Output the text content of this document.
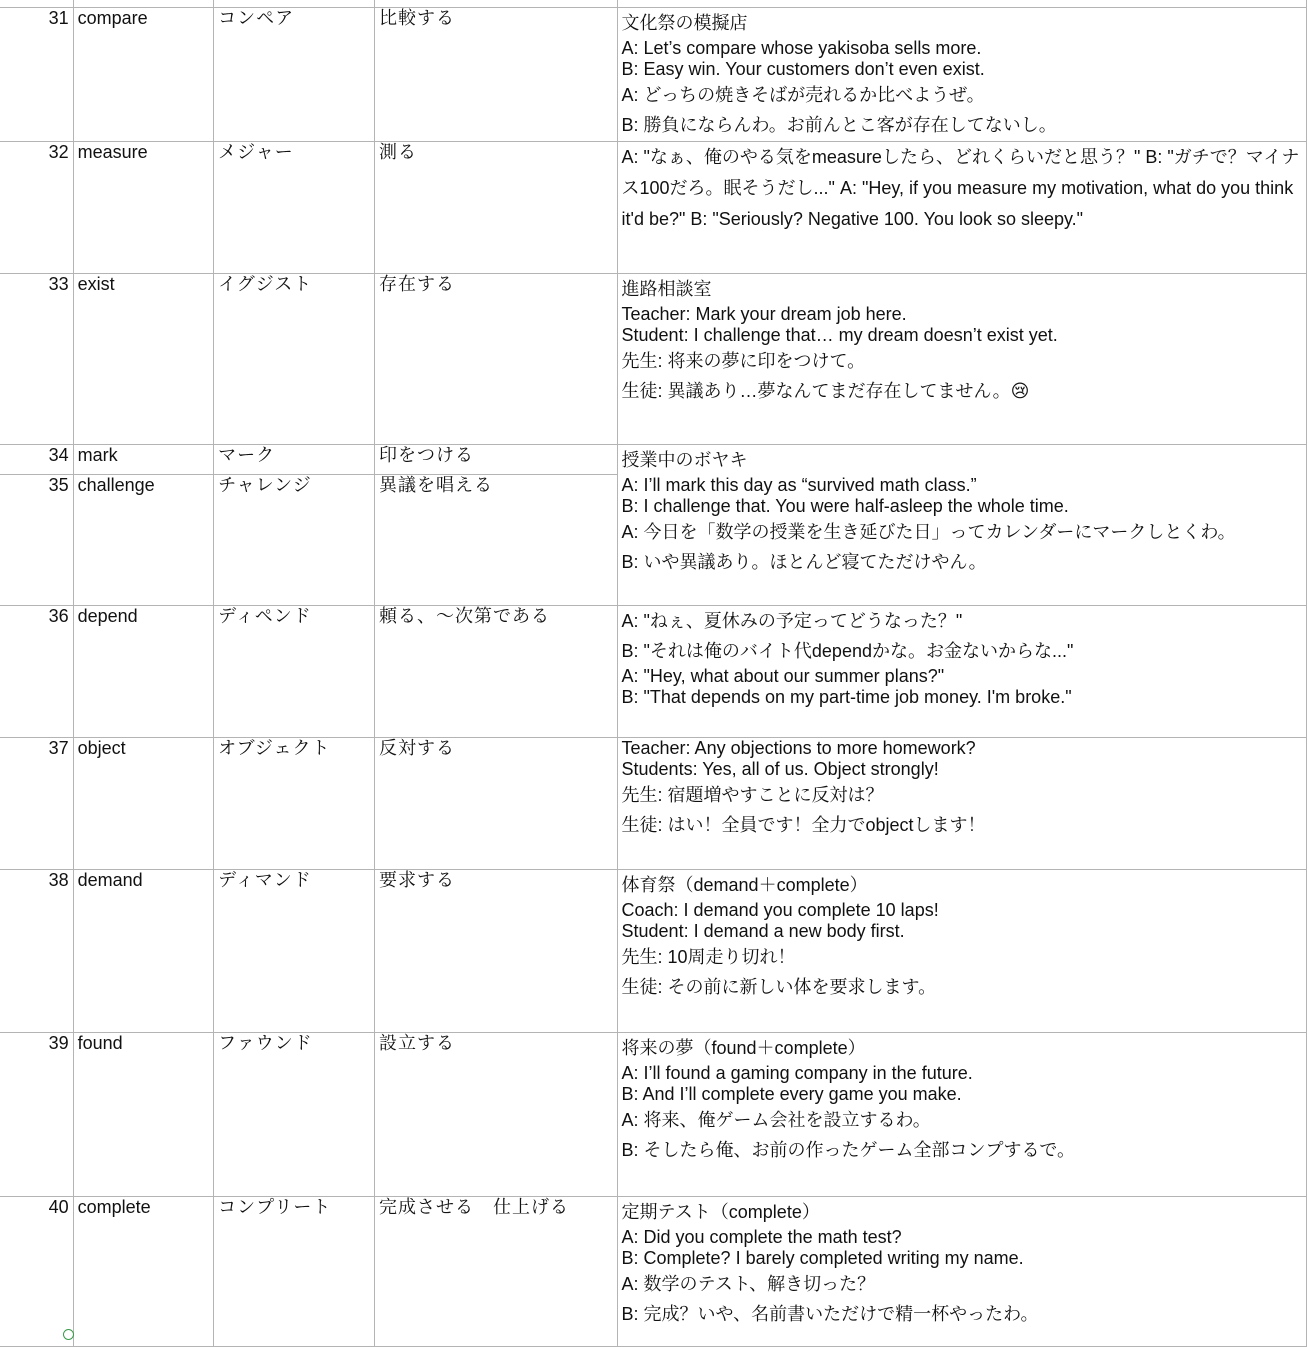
31	compare	コンペア	比較する	文化祭の模擬店
A: Let’s compare whose yakisoba sells more.
B: Easy win. Your customers don’t even exist.
A: どっちの焼きそばが売れるか比べようぜ。
B: 勝負にならんわ。お前んとこ客が存在してないし。

32	measure	メジャー	測る	A: "なぁ、俺のやる気をmeasureしたら、どれくらいだと思う？" B: "ガチで？マイナス100だろ。眠そうだし..." A: "Hey, if you measure my motivation, what do you think it'd be?" B: "Seriously? Negative 100. You look so sleepy."

33	exist	イグジスト	存在する	進路相談室
Teacher: Mark your dream job here.
Student: I challenge that… my dream doesn’t exist yet.
先生: 将来の夢に印をつけて。
生徒: 異議あり…夢なんてまだ存在してません。😢

34	mark	マーク	印をつける	授業中のボヤキ
A: I’ll mark this day as “survived math class.”
B: I challenge that. You were half-asleep the whole time.
A: 今日を「数学の授業を生き延びた日」ってカレンダーにマークしとくわ。
B: いや異議あり。ほとんど寝てただけやん。

35	challenge	チャレンジ	異議を唱える	
36	depend	ディペンド	頼る、〜次第である	A: "ねぇ、夏休みの予定ってどうなった？"
B: "それは俺のバイト代dependかな。お金ないからな..."
A: "Hey, what about our summer plans?"
B: "That depends on my part-time job money. I'm broke."

37	object	オブジェクト	反対する	Teacher: Any objections to more homework?
Students: Yes, all of us. Object strongly!
先生: 宿題増やすことに反対は？
生徒: はい！全員です！全力でobjectします！

38	demand	ディマンド	要求する	体育祭（demand＋complete）
Coach: I demand you complete 10 laps!
Student: I demand a new body first.
先生: 10周走り切れ！
生徒: その前に新しい体を要求します。

39	found	ファウンド	設立する	将来の夢（found＋complete）
A: I’ll found a gaming company in the future.
B: And I’ll complete every game you make.
A: 将来、俺ゲーム会社を設立するわ。
B: そしたら俺、お前の作ったゲーム全部コンプするで。

40	complete	コンプリート	完成させる　仕上げる	定期テスト（complete）
A: Did you complete the math test?
B: Complete? I barely completed writing my name.
A: 数学のテスト、解き切った？
B: 完成？いや、名前書いただけで精一杯やったわ。
